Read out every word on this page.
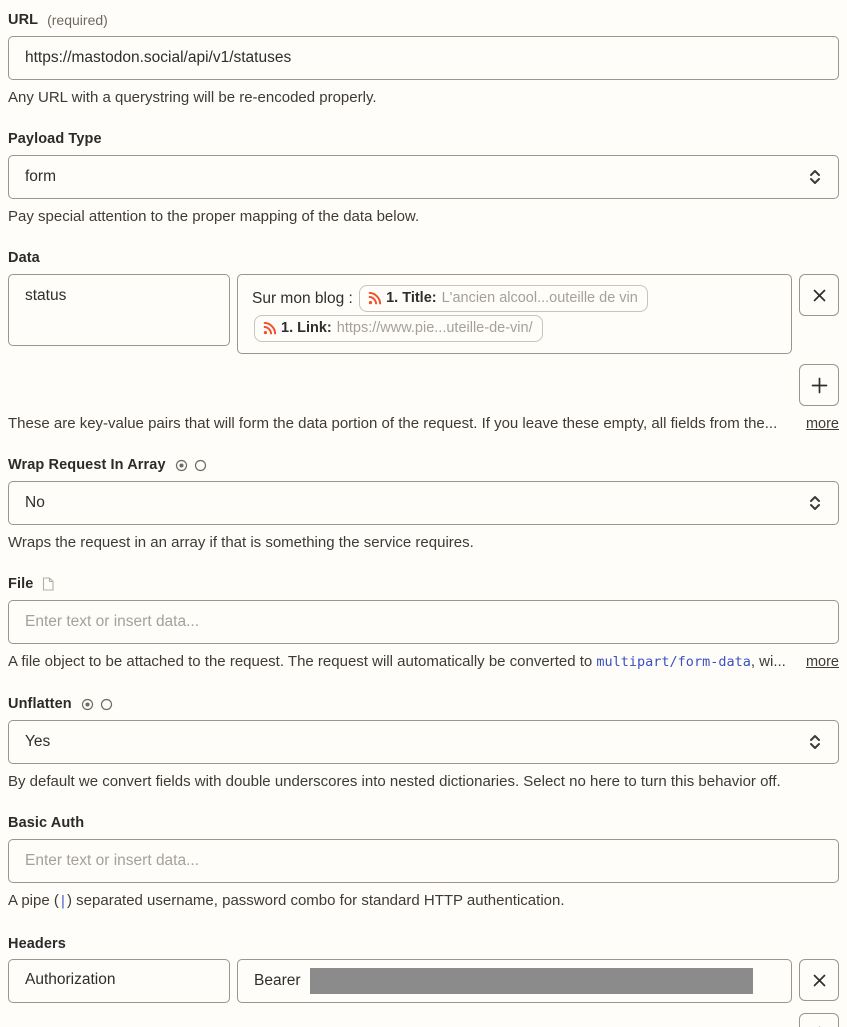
URL (required)
https://mastodon.social/api/v1/statuses
Any URL with a querystring will be re-encoded properly.
Payload Type
form
Pay special attention to the proper mapping of the data below.
Data
status	Sur mon blog : 1. Title: L'ancien alcool...outeille de vin
1. Link: https://www.pie...uteille-de-vin/
These are key-value pairs that will form the data portion of the request. If you leave these empty, all fields from the...	more
Wrap Request In Array
No
Wraps the request in an array if that is something the service requires.
File
Enter text or insert data...
A file object to be attached to the request. The request will automatically be converted to multipart/form-data, wi... more
Unflatten
Yes
By default we convert fields with double underscores into nested dictionaries. Select no here to turn this behavior off.
Basic Auth
Enter text or insert data...
A pipe (|) separated username, password combo for standard HTTP authentication.
Headers
Authorization	Bearer
